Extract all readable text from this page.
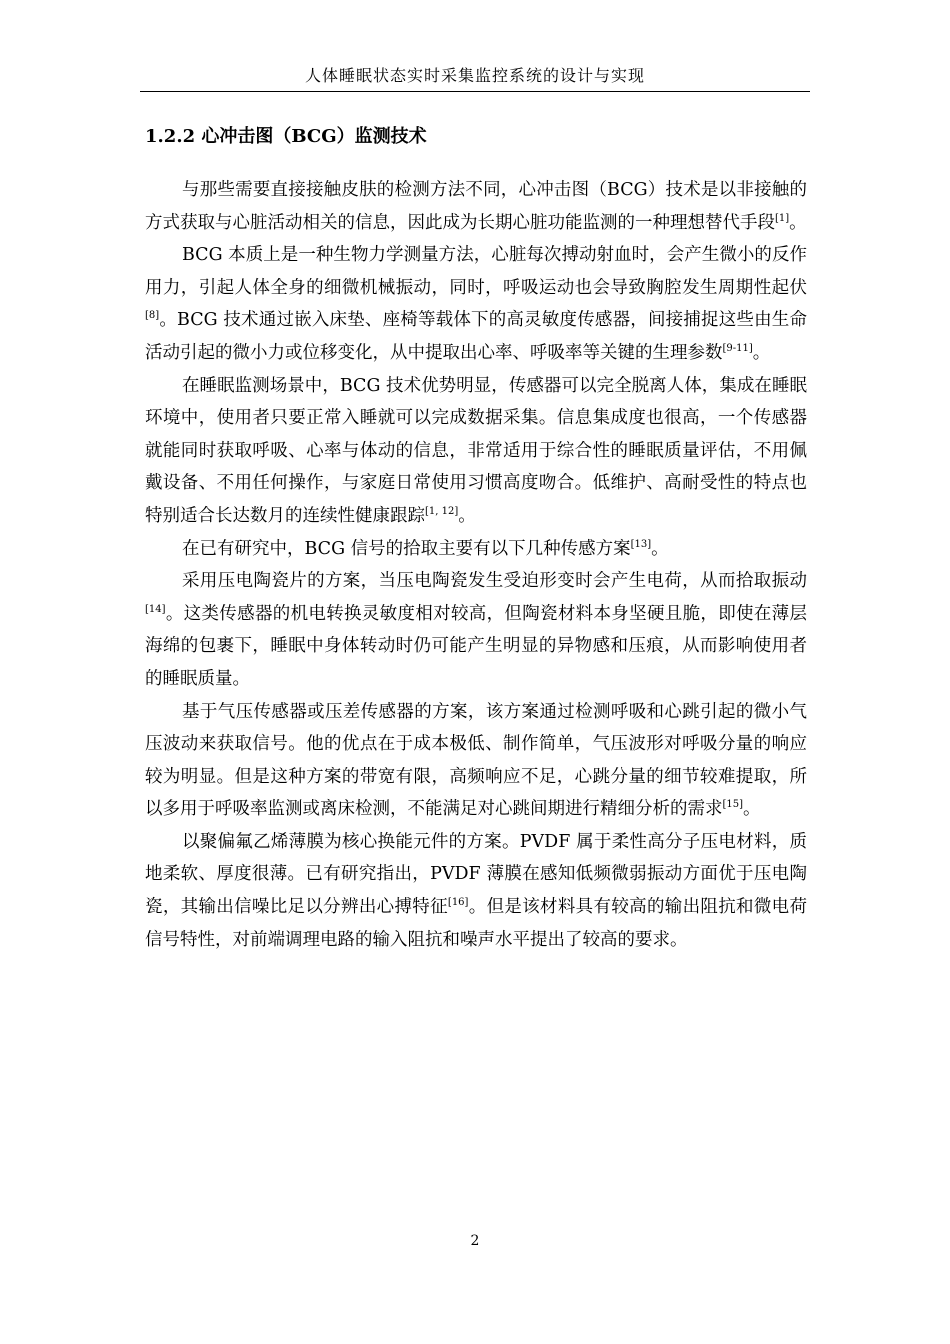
人体睡眠状态实时采集监控系统的设计与实现
1.2.2 心冲击图（BCG）监测技术

与那些需要直接接触皮肤的检测方法不同，心冲击图（BCG）技术是以非接触的方式获取与心脏活动相关的信息，因此成为长期心脏功能监测的一种理想替代手段[1]。

BCG 本质上是一种生物力学测量方法，心脏每次搏动射血时，会产生微小的反作用力，引起人体全身的细微机械振动，同时，呼吸运动也会导致胸腔发生周期性起伏[8]。BCG 技术通过嵌入床垫、座椅等载体下的高灵敏度传感器，间接捕捉这些由生命活动引起的微小力或位移变化，从中提取出心率、呼吸率等关键的生理参数[9-11]。

在睡眠监测场景中，BCG 技术优势明显，传感器可以完全脱离人体，集成在睡眠环境中，使用者只要正常入睡就可以完成数据采集。信息集成度也很高，一个传感器就能同时获取呼吸、心率与体动的信息，非常适用于综合性的睡眠质量评估，不用佩戴设备、不用任何操作，与家庭日常使用习惯高度吻合。低维护、高耐受性的特点也特别适合长达数月的连续性健康跟踪[1, 12]。

在已有研究中，BCG 信号的拾取主要有以下几种传感方案[13]。

采用压电陶瓷片的方案，当压电陶瓷发生受迫形变时会产生电荷，从而拾取振动[14]。这类传感器的机电转换灵敏度相对较高，但陶瓷材料本身坚硬且脆，即使在薄层海绵的包裹下，睡眠中身体转动时仍可能产生明显的异物感和压痕，从而影响使用者的睡眠质量。

基于气压传感器或压差传感器的方案，该方案通过检测呼吸和心跳引起的微小气压波动来获取信号。他的优点在于成本极低、制作简单，气压波形对呼吸分量的响应较为明显。但是这种方案的带宽有限，高频响应不足，心跳分量的细节较难提取，所以多用于呼吸率监测或离床检测，不能满足对心跳间期进行精细分析的需求[15]。

以聚偏氟乙烯薄膜为核心换能元件的方案。PVDF 属于柔性高分子压电材料，质地柔软、厚度很薄。已有研究指出，PVDF 薄膜在感知低频微弱振动方面优于压电陶瓷，其输出信噪比足以分辨出心搏特征[16]。但是该材料具有较高的输出阻抗和微电荷信号特性，对前端调理电路的输入阻抗和噪声水平提出了较高的要求。

2
